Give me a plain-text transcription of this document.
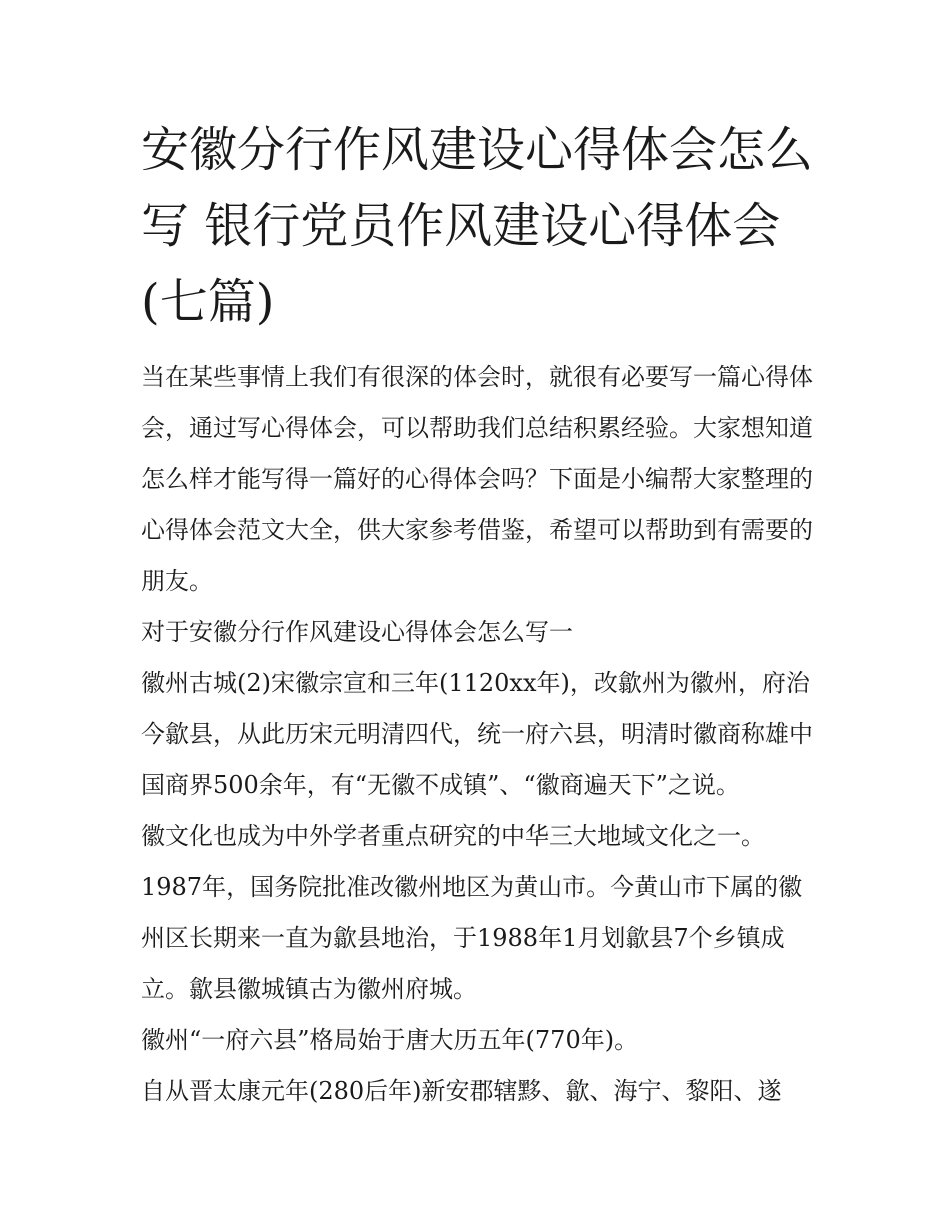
安徽分行作风建设心得体会怎么写 银行党员作风建设心得体会(七篇)

当在某些事情上我们有很深的体会时，就很有必要写一篇心得体会，通过写心得体会，可以帮助我们总结积累经验。大家想知道怎么样才能写得一篇好的心得体会吗？下面是小编帮大家整理的心得体会范文大全，供大家参考借鉴，希望可以帮助到有需要的朋友。

对于安徽分行作风建设心得体会怎么写一

徽州古城(2)宋徽宗宣和三年(1120xx年)，改歙州为徽州，府治今歙县，从此历宋元明清四代，统一府六县，明清时徽商称雄中国商界500余年，有“无徽不成镇”、“徽商遍天下”之说。

徽文化也成为中外学者重点研究的中华三大地域文化之一。1987年，国务院批准改徽州地区为黄山市。今黄山市下属的徽州区长期来一直为歙县地治，于1988年1月划歙县7个乡镇成立。歙县徽城镇古为徽州府城。

徽州“一府六县”格局始于唐大历五年(770年)。

自从晋太康元年(280后年)新安郡辖黟、歙、海宁、黎阳、遂
